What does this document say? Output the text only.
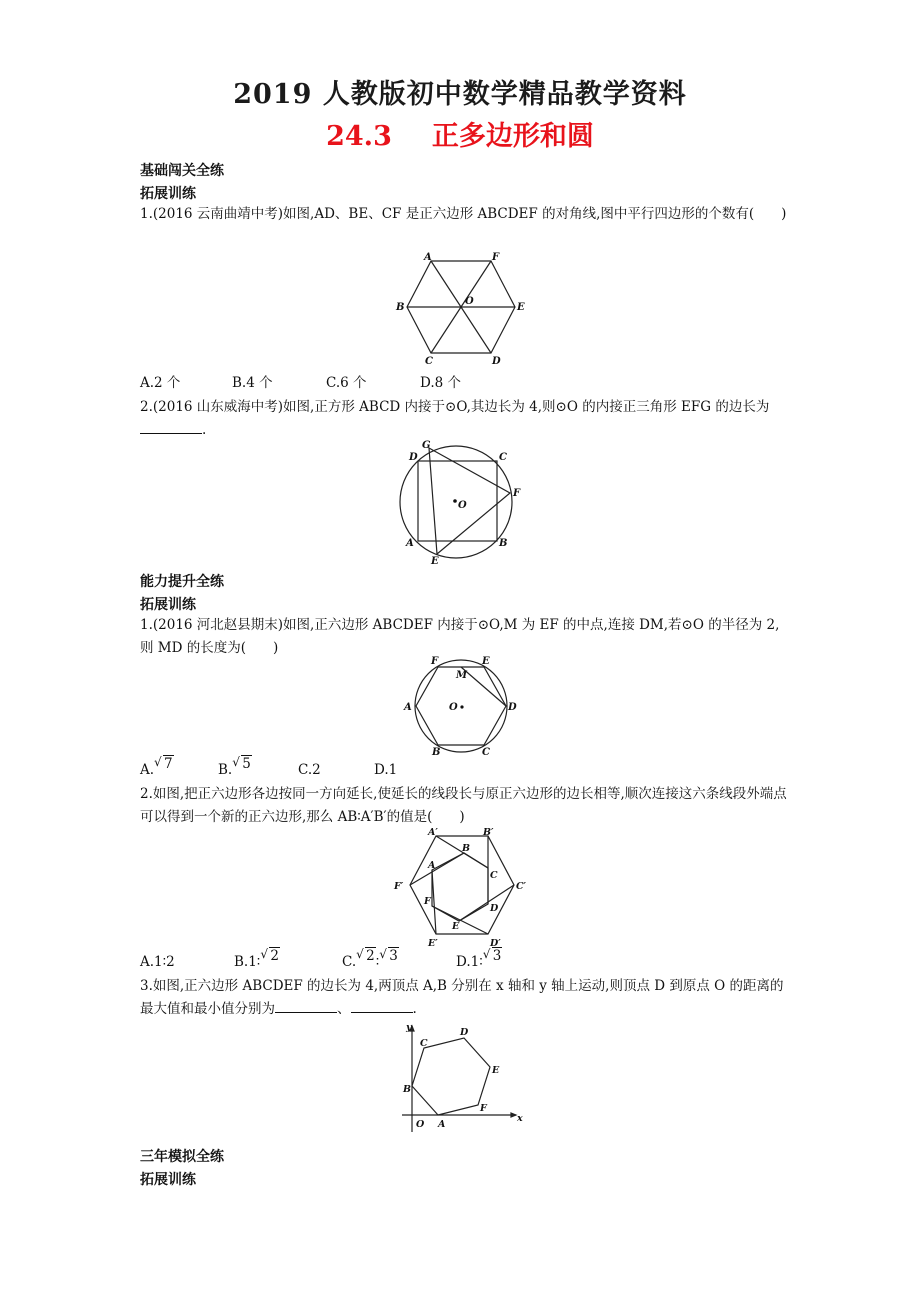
2019 人教版初中数学精品教学资料
24.3 正多边形和圆
基础闯关全练
拓展训练
1.(2016 云南曲靖中考)如图,AD、BE、CF 是正六边形 ABCDEF 的对角线,图中平行四边形的个数有(　　)
A	F
B
O
E
C	D
A.2 个	B.4 个	C.6 个	D.8 个
2.(2016 山东威海中考)如图,正方形 ABCD 内接于⊙O,其边长为 4,则⊙O 的内接正三角形 EFG 的边长为.
G
D	C
F
O
A	B
E
能力提升全练
拓展训练
1.(2016 河北赵县期末)如图,正六边形 ABCDEF 内接于⊙O,M 为 EF 的中点,连接 DM,若⊙O 的半径为 2,则 MD 的长度为(　　)
F	E
M
A	O	D
B	C
A. √ 7	B. √ 5	C.2	D.1
2.如图,把正六边形各边按同一方向延长,使延长的线段长与原正六边形的边长相等,顺次连接这六条线段外端点可以得到一个新的正六边形,那么 AB∶A′B′的值是(　　)
A′	B′
A
B
F′
C
C′
F
D
E
E′	D′
A.1∶2	B.1∶ √ 2	C. √ 2∶ √ 3	D.1∶ √ 3
3.如图,正六边形 ABCDEF 的边长为 4,两顶点 A,B 分别在 x 轴和 y 轴上运动,则顶点 D 到原点 O 的距离的最大值和最小值分别为	、	.
y
C
D
E
B
F
O A
x
三年模拟全练
拓展训练
